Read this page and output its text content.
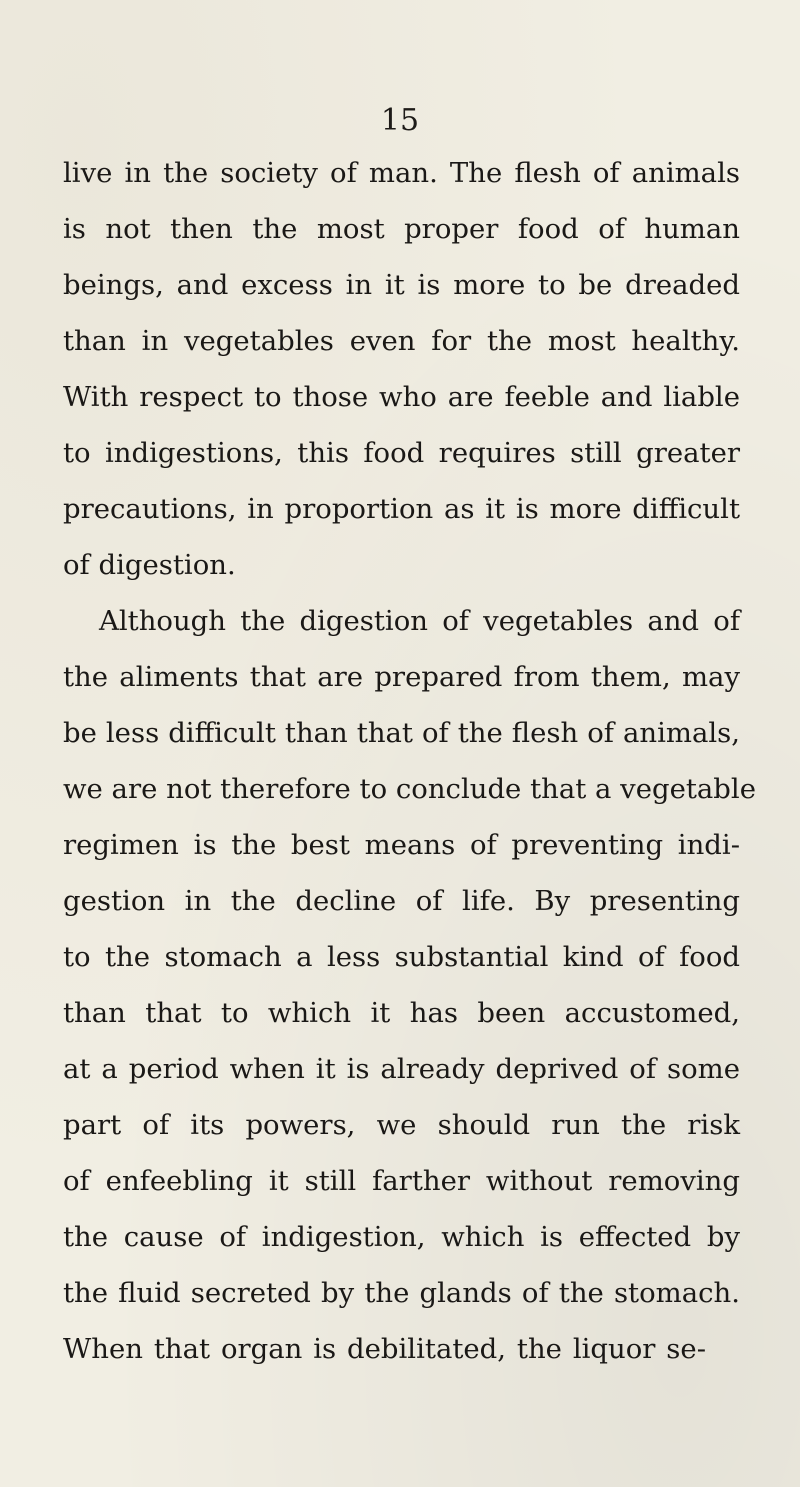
15
live in the society of man. The flesh of animals
is not then the most proper food of human
beings, and excess in it is more to be dreaded
than in vegetables even for the most healthy.
With respect to those who are feeble and liable
to indigestions, this food requires still greater
precautions, in proportion as it is more difficult
of digestion.
Although the digestion of vegetables and of
the aliments that are prepared from them, may
be less difficult than that of the flesh of animals,
we are not therefore to conclude that a vegetable
regimen is the best means of preventing indi-
gestion in the decline of life. By presenting
to the stomach a less substantial kind of food
than that to which it has been accustomed,
at a period when it is already deprived of some
part of its powers, we should run the risk
of enfeebling it still farther without removing
the cause of indigestion, which is effected by
the fluid secreted by the glands of the stomach.
When that organ is debilitated, the liquor se-
